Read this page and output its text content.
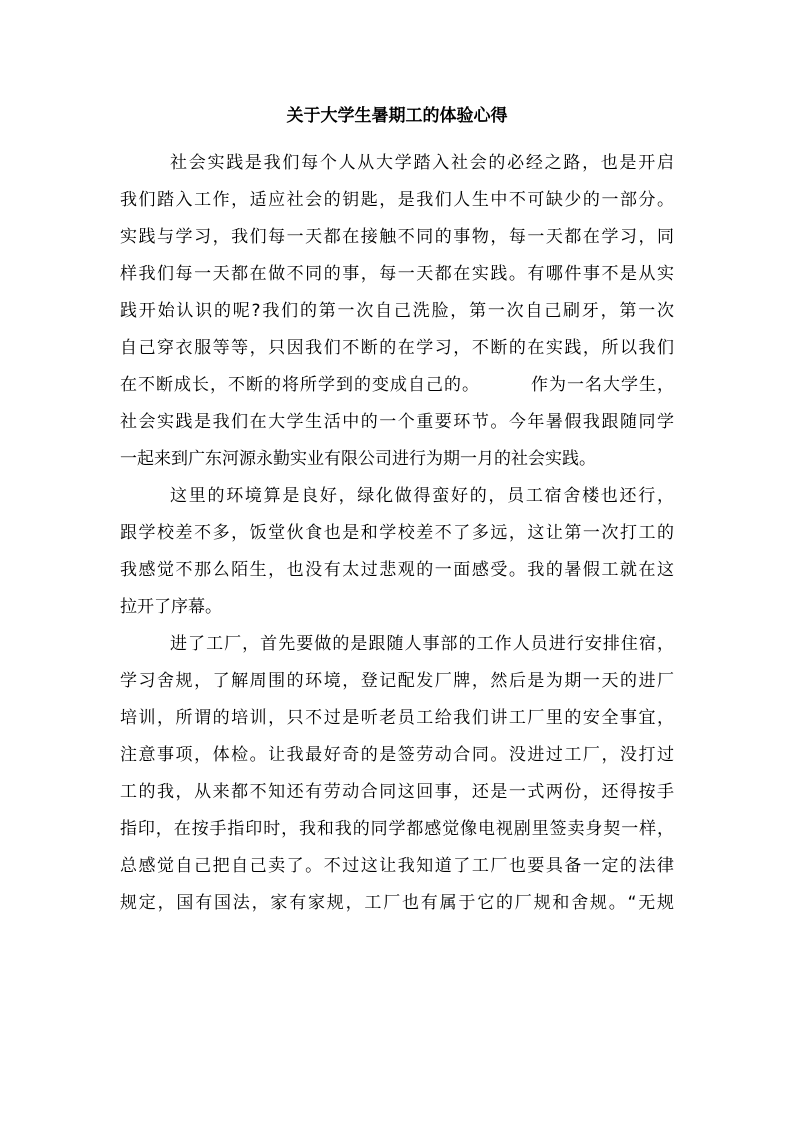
关于大学生暑期工的体验心得
社会实践是我们每个人从大学踏入社会的必经之路，也是开启
我们踏入工作，适应社会的钥匙，是我们人生中不可缺少的一部分。
实践与学习，我们每一天都在接触不同的事物，每一天都在学习，同
样我们每一天都在做不同的事，每一天都在实践。有哪件事不是从实
践开始认识的呢?我们的第一次自己洗脸，第一次自己刷牙，第一次
自己穿衣服等等，只因我们不断的在学习，不断的在实践，所以我们
在不断成长，不断的将所学到的变成自己的。	作为一名大学生，
社会实践是我们在大学生活中的一个重要环节。今年暑假我跟随同学
一起来到广东河源永勤实业有限公司进行为期一月的社会实践。
这里的环境算是良好，绿化做得蛮好的，员工宿舍楼也还行，
跟学校差不多，饭堂伙食也是和学校差不了多远，这让第一次打工的
我感觉不那么陌生，也没有太过悲观的一面感受。我的暑假工就在这
拉开了序幕。
进了工厂，首先要做的是跟随人事部的工作人员进行安排住宿，
学习舍规，了解周围的环境，登记配发厂牌，然后是为期一天的进厂
培训，所谓的培训，只不过是听老员工给我们讲工厂里的安全事宜，
注意事项，体检。让我最好奇的是签劳动合同。没进过工厂，没打过
工的我，从来都不知还有劳动合同这回事，还是一式两份，还得按手
指印，在按手指印时，我和我的同学都感觉像电视剧里签卖身契一样，
总感觉自己把自己卖了。不过这让我知道了工厂也要具备一定的法律
规定，国有国法，家有家规，工厂也有属于它的厂规和舍规。“无规
